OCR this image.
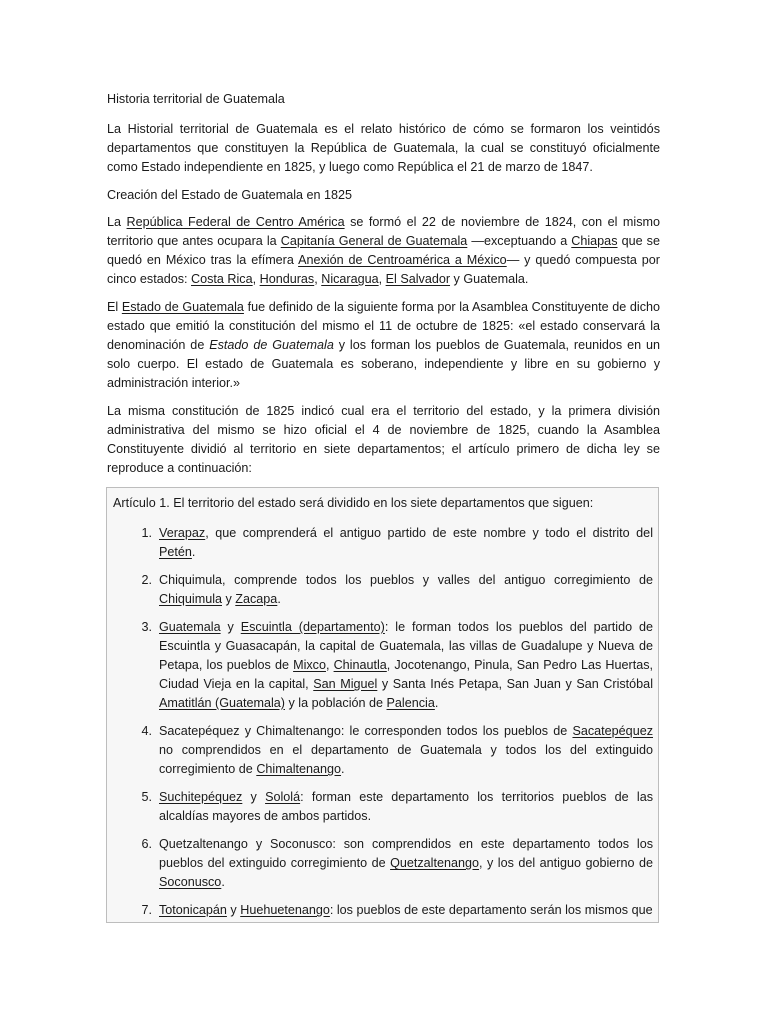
Historia territorial de Guatemala

La Historial territorial de Guatemala es el relato histórico de cómo se formaron los veintidós departamentos que constituyen la República de Guatemala, la cual se constituyó oficialmente como Estado independiente en 1825, y luego como República el 21 de marzo de 1847.

Creación del Estado de Guatemala en 1825

La República Federal de Centro América se formó el 22 de noviembre de 1824, con el mismo territorio que antes ocupara la Capitanía General de Guatemala —exceptuando a Chiapas que se quedó en México tras la efímera Anexión de Centroamérica a México— y quedó compuesta por cinco estados: Costa Rica, Honduras, Nicaragua, El Salvador y Guatemala.

El Estado de Guatemala fue definido de la siguiente forma por la Asamblea Constituyente de dicho estado que emitió la constitución del mismo el 11 de octubre de 1825: «el estado conservará la denominación de Estado de Guatemala y los forman los pueblos de Guatemala, reunidos en un solo cuerpo. El estado de Guatemala es soberano, independiente y libre en su gobierno y administración interior.»

La misma constitución de 1825 indicó cual era el territorio del estado, y la primera división administrativa del mismo se hizo oficial el 4 de noviembre de 1825, cuando la Asamblea Constituyente dividió al territorio en siete departamentos; el artículo primero de dicha ley se reproduce a continuación:

Artículo 1. El territorio del estado será dividido en los siete departamentos que siguen:

1. Verapaz, que comprenderá el antiguo partido de este nombre y todo el distrito del Petén.
2. Chiquimula, comprende todos los pueblos y valles del antiguo corregimiento de Chiquimula y Zacapa.
3. Guatemala y Escuintla (departamento): le forman todos los pueblos del partido de Escuintla y Guasacapán, la capital de Guatemala, las villas de Guadalupe y Nueva de Petapa, los pueblos de Mixco, Chinautla, Jocotenango, Pinula, San Pedro Las Huertas, Ciudad Vieja en la capital, San Miguel y Santa Inés Petapa, San Juan y San Cristóbal Amatitlán (Guatemala) y la población de Palencia.
4. Sacatepéquez y Chimaltenango: le corresponden todos los pueblos de Sacatepéquez no comprendidos en el departamento de Guatemala y todos los del extinguido corregimiento de Chimaltenango.
5. Suchitepéquez y Sololá: forman este departamento los territorios pueblos de las alcaldías mayores de ambos partidos.
6. Quetzaltenango y Soconusco: son comprendidos en este departamento todos los pueblos del extinguido corregimiento de Quetzaltenango, y los del antiguo gobierno de Soconusco.
7. Totonicapán y Huehuetenango: los pueblos de este departamento serán los mismos que
